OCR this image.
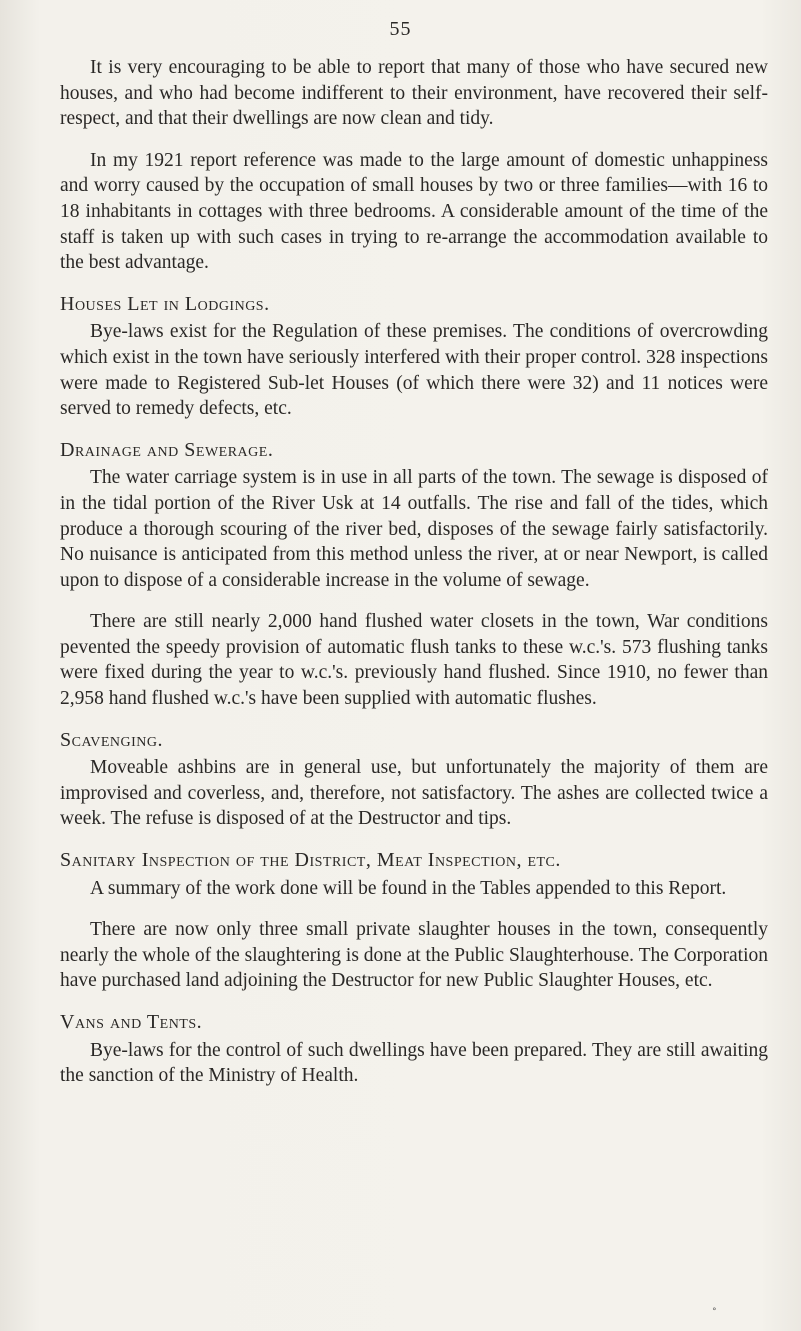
55

It is very encouraging to be able to report that many of those who have secured new houses, and who had become indifferent to their environment, have recovered their self-respect, and that their dwellings are now clean and tidy.

In my 1921 report reference was made to the large amount of domestic unhappiness and worry caused by the occupation of small houses by two or three families—with 16 to 18 inhabitants in cottages with three bedrooms. A considerable amount of the time of the staff is taken up with such cases in trying to re-arrange the accommodation available to the best advantage.

Houses Let in Lodgings.

Bye-laws exist for the Regulation of these premises. The conditions of overcrowding which exist in the town have seriously interfered with their proper control. 328 inspections were made to Registered Sub-let Houses (of which there were 32) and 11 notices were served to remedy defects, etc.

Drainage and Sewerage.

The water carriage system is in use in all parts of the town. The sewage is disposed of in the tidal portion of the River Usk at 14 outfalls. The rise and fall of the tides, which produce a thorough scouring of the river bed, disposes of the sewage fairly satisfactorily. No nuisance is anticipated from this method unless the river, at or near Newport, is called upon to dispose of a considerable increase in the volume of sewage.

There are still nearly 2,000 hand flushed water closets in the town, War conditions pevented the speedy provision of automatic flush tanks to these w.c.'s. 573 flushing tanks were fixed during the year to w.c.'s. previously hand flushed. Since 1910, no fewer than 2,958 hand flushed w.c.'s have been supplied with automatic flushes.

Scavenging.

Moveable ashbins are in general use, but unfortunately the majority of them are improvised and coverless, and, therefore, not satisfactory. The ashes are collected twice a week. The refuse is disposed of at the Destructor and tips.

Sanitary Inspection of the District, Meat Inspection, etc.

A summary of the work done will be found in the Tables appended to this Report.

There are now only three small private slaughter houses in the town, consequently nearly the whole of the slaughtering is done at the Public Slaughterhouse. The Corporation have purchased land adjoining the Destructor for new Public Slaughter Houses, etc.

Vans and Tents.

Bye-laws for the control of such dwellings have been prepared. They are still awaiting the sanction of the Ministry of Health.

˳
